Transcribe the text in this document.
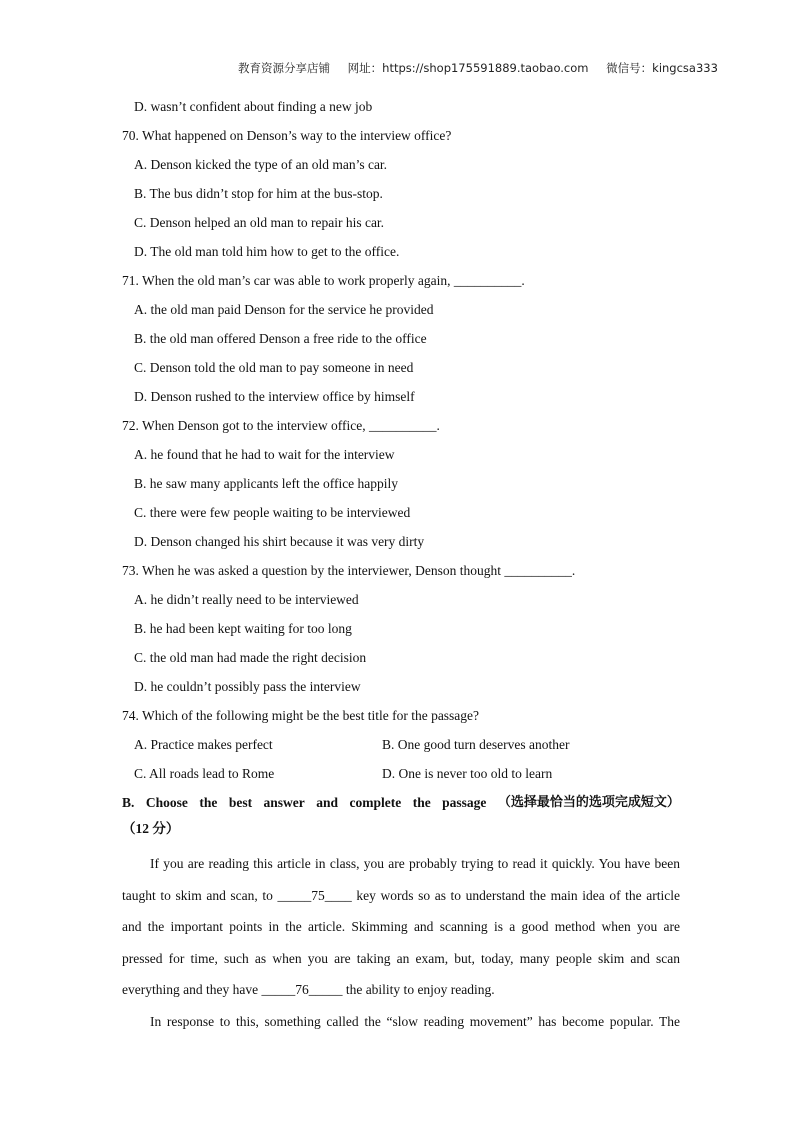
教育资源分享店铺 网址：https://shop175591889.taobao.com 微信号：kingcsa333
D. wasn’t confident about finding a new job
70. What happened on Denson’s way to the interview office?
A. Denson kicked the type of an old man’s car.
B. The bus didn’t stop for him at the bus-stop.
C. Denson helped an old man to repair his car.
D. The old man told him how to get to the office.
71. When the old man’s car was able to work properly again, __________.
A. the old man paid Denson for the service he provided
B. the old man offered Denson a free ride to the office
C. Denson told the old man to pay someone in need
D. Denson rushed to the interview office by himself
72. When Denson got to the interview office, __________.
A. he found that he had to wait for the interview
B. he saw many applicants left the office happily
C. there were few people waiting to be interviewed
D. Denson changed his shirt because it was very dirty
73. When he was asked a question by the interviewer, Denson thought __________.
A. he didn’t really need to be interviewed
B. he had been kept waiting for too long
C. the old man had made the right decision
D. he couldn’t possibly pass the interview
74. Which of the following might be the best title for the passage?
A. Practice makes perfect	B. One good turn deserves another
C. All roads lead to Rome	D. One is never too old to learn
B. Choose the best answer and complete the passage （选择最恰当的选项完成短文）
（12 分）
If you are reading this article in class, you are probably trying to read it quickly. You have been
taught to skim and scan, to _____75____ key words so as to understand the main idea of the article
and the important points in the article. Skimming and scanning is a good method when you are
pressed for time, such as when you are taking an exam, but, today, many people skim and scan
everything and they have _____76_____ the ability to enjoy reading.
In response to this, something called the “slow reading movement” has become popular. The
